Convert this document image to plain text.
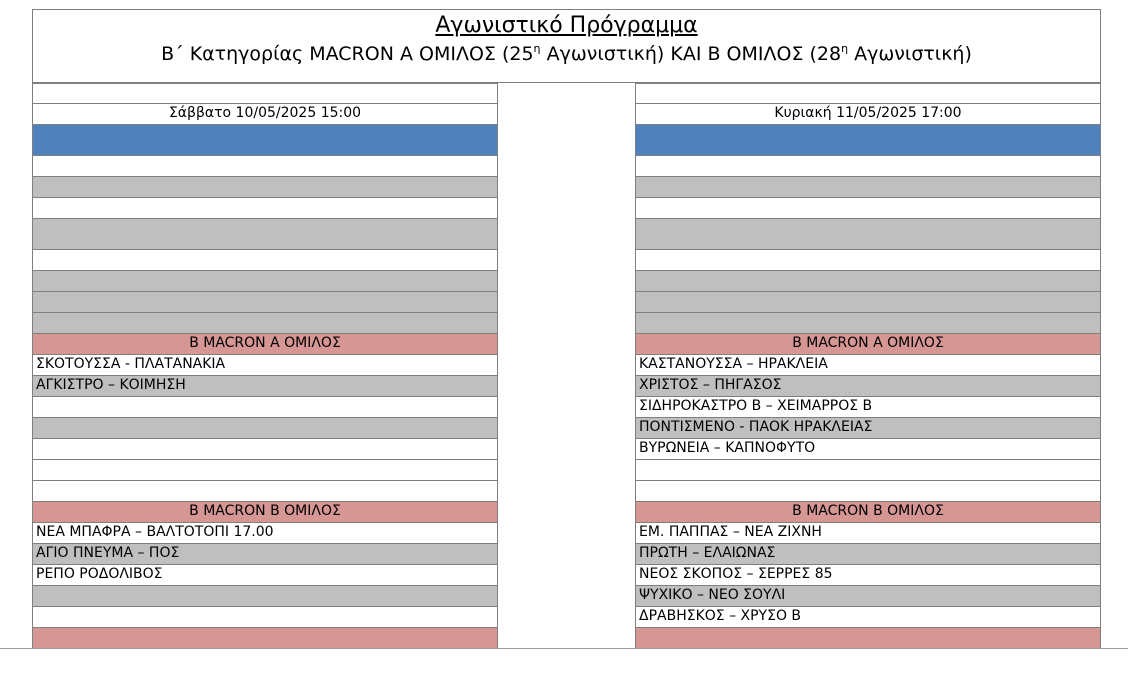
Αγωνιστικό Πρόγραμμα
Β΄ Κατηγορίας MACRON Α ΟΜΙΛΟΣ ($25^\eta$ Αγωνιστική) ΚΑΙ Β ΟΜΙΛΟΣ ($28^\eta$ Αγωνιστική)
Σάββατο 10/05/2025 15:00
Β MACRON Α ΟΜΙΛΟΣ
ΣΚΟΤΟΥΣΣΑ - ΠΛΑΤΑΝΑΚΙΑ
ΑΓΚΙΣΤΡΟ – ΚΟΙΜΗΣΗ
Β MACRON Β ΟΜΙΛΟΣ
ΝΕΑ ΜΠΑΦΡΑ – ΒΑΛΤΟΤΟΠΙ 17.00
ΑΓΙΟ ΠΝΕΥΜΑ – ΠΟΣ
ΡΕΠΟ ΡΟΔΟΛΙΒΟΣ
Κυριακή 11/05/2025 17:00
Β MACRON Α ΟΜΙΛΟΣ
ΚΑΣΤΑΝΟΥΣΣΑ – ΗΡΑΚΛΕΙΑ
ΧΡΙΣΤΟΣ – ΠΗΓΑΣΟΣ
ΣΙΔΗΡΟΚΑΣΤΡΟ Β – ΧΕΙΜΑΡΡΟΣ Β
ΠΟΝΤΙΣΜΕΝΟ - ΠΑΟΚ ΗΡΑΚΛΕΙΑΣ
ΒΥΡΩΝΕΙΑ – ΚΑΠΝΟΦΥΤΟ
Β MACRON Β ΟΜΙΛΟΣ
ΕΜ. ΠΑΠΠΑΣ – ΝΕΑ ΖΙΧΝΗ
ΠΡΩΤΗ – ΕΛΑΙΩΝΑΣ
ΝΕΟΣ ΣΚΟΠΟΣ – ΣΕΡΡΕΣ 85
ΨΥΧΙΚΟ – ΝΕΟ ΣΟΥΛΙ
ΔΡΑΒΗΣΚΟΣ – ΧΡΥΣΟ Β
